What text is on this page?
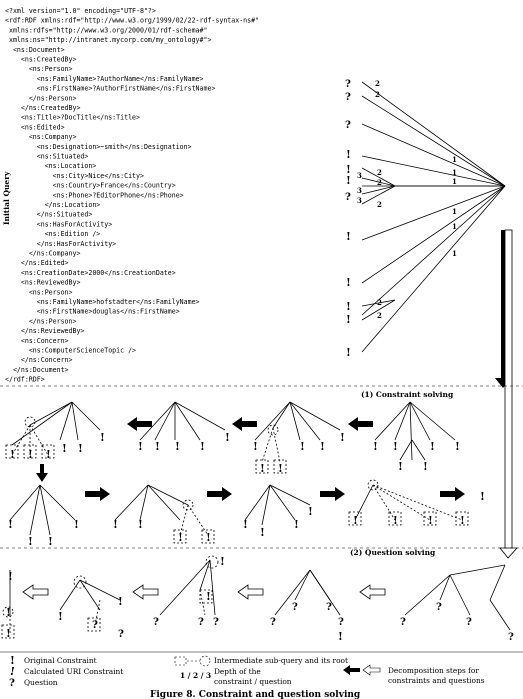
Initial Query
<?xml version="1.0" encoding="UTF-8"?>
<rdf:RDF xmlns:rdf="http://www.w3.org/1999/02/22-rdf-syntax-ns#"
xmlns:rdfs="http://www.w3.org/2000/01/rdf-schema#"
xmlns:ns="http://intranet.mycorp.com/my_ontology#">
<ns:Document>
<ns:CreatedBy>
<ns:Person>
<ns:FamilyName>?AuthorName</ns:FamilyName>
<ns:FirstName>?AuthorFirstName</ns:FirstName>
</ns:Person>
</ns:CreatedBy>
<ns:Title>?DocTitle</ns:Title>
<ns:Edited>
<ns:Company>
<ns:Designation>~smith</ns:Designation>
<ns:Situated>
<ns:Location>
<ns:City>Nice</ns:City>
<ns:Country>France</ns:Country>
<ns:Phone>?EditorPhone</ns:Phone>
</ns:Location>
</ns:Situated>
<ns:HasForActivity>
<ns:Edition />
</ns:HasForActivity>
</ns:Company>
</ns:Edited>
<ns:CreationDate>2000</ns:CreationDate>
<ns:ReviewedBy>
<ns:Person>
<ns:FamilyName>hofstadter</ns:FamilyName>
<ns:FirstName>douglas</ns:FirstName>
</ns:Person>
</ns:ReviewedBy>
<ns:Concern>
<ns:ComputerScienceTopic />
</ns:Concern>
</ns:Document>
</rdf:RDF>
?
?
?
!
!
!
?
!
!
!
!
!
2
2
1
1
1
2
3
2
3
3 2
1
1
1
2
2
(1) Constraint solving
(2) Question solving
! ! ! ! !
!
! ! ! !
!
!
! !
! !
!
! !
! !
! !
!
! !
!	! !
! !
!
!
!
!
!	!	! !
!
!
!
!
!
?
!
?
?	?
!
?
!
?
?	?
?
!
?
?
?
?
! Original Constraint
! Calculated URI Constraint
? Question
Intermediate sub-query and its root
1 / 2 / 3 Depth of the
constraint / question
Decomposition steps for
constraints and questions
Figure 8. Constraint and question solving
